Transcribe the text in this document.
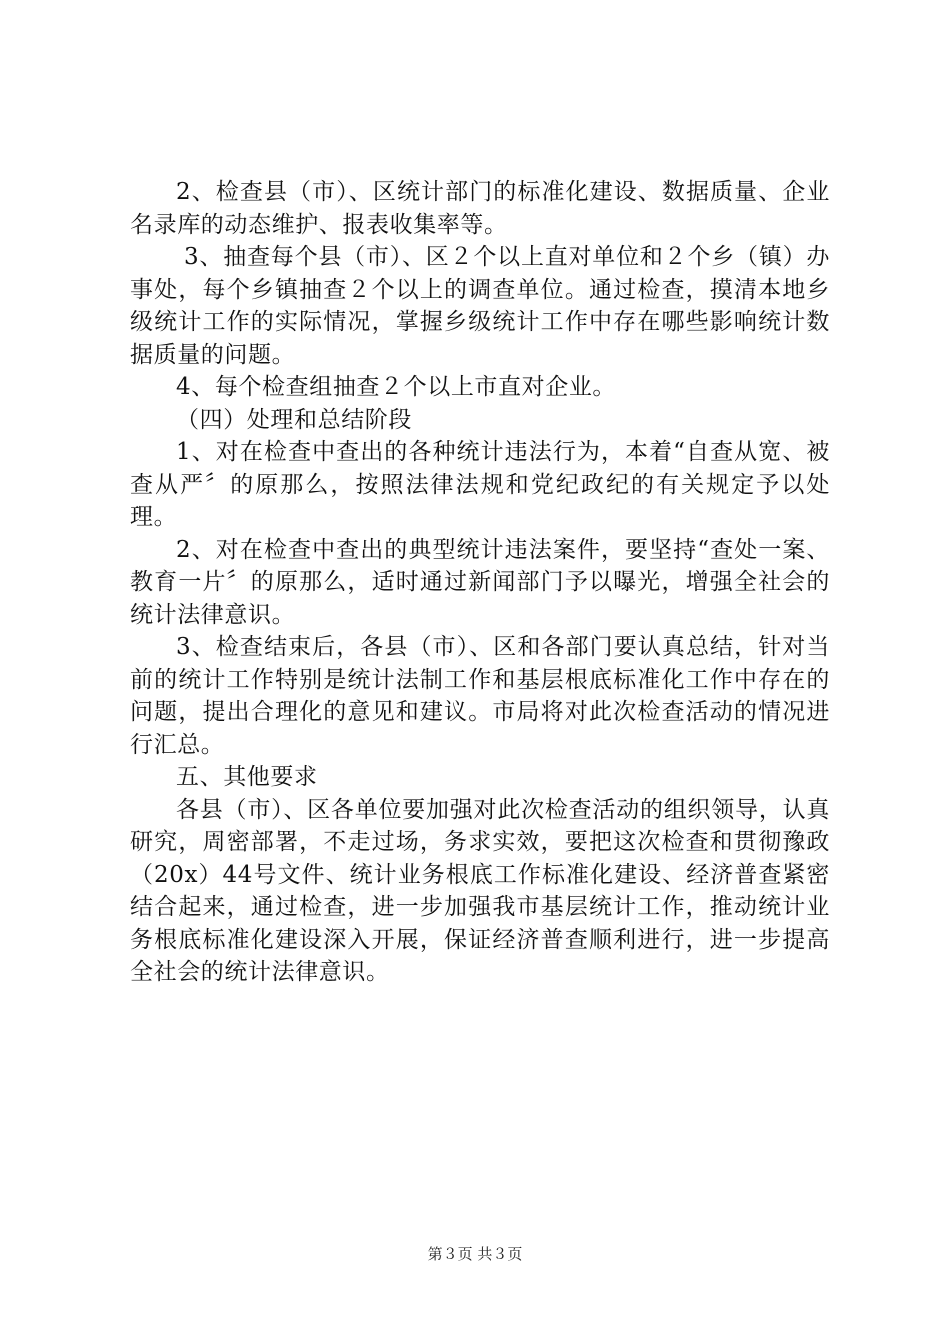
2、检查县（市）、区统计部门的标准化建设、数据质量、企业名录库的动态维护、报表收集率等。

3、抽查每个县（市）、区２个以上直对单位和２个乡（镇）办事处，每个乡镇抽查２个以上的调查单位。通过检查，摸清本地乡级统计工作的实际情况，掌握乡级统计工作中存在哪些影响统计数据质量的问题。

4、每个检查组抽查２个以上市直对企业。

（四）处理和总结阶段

1、对在检查中查出的各种统计违法行为，本着“自查从宽、被查从严〞的原那么，按照法律法规和党纪政纪的有关规定予以处理。

2、对在检查中查出的典型统计违法案件，要坚持“查处一案、教育一片〞的原那么，适时通过新闻部门予以曝光，增强全社会的统计法律意识。

3、检查结束后，各县（市）、区和各部门要认真总结，针对当前的统计工作特别是统计法制工作和基层根底标准化工作中存在的问题，提出合理化的意见和建议。市局将对此次检查活动的情况进行汇总。

五、其他要求

各县（市）、区各单位要加强对此次检查活动的组织领导，认真研究，周密部署，不走过场，务求实效，要把这次检查和贯彻豫政（20x）44号文件、统计业务根底工作标准化建设、经济普查紧密结合起来，通过检查，进一步加强我市基层统计工作，推动统计业务根底标准化建设深入开展，保证经济普查顺利进行，进一步提高全社会的统计法律意识。

第３页 共３页
